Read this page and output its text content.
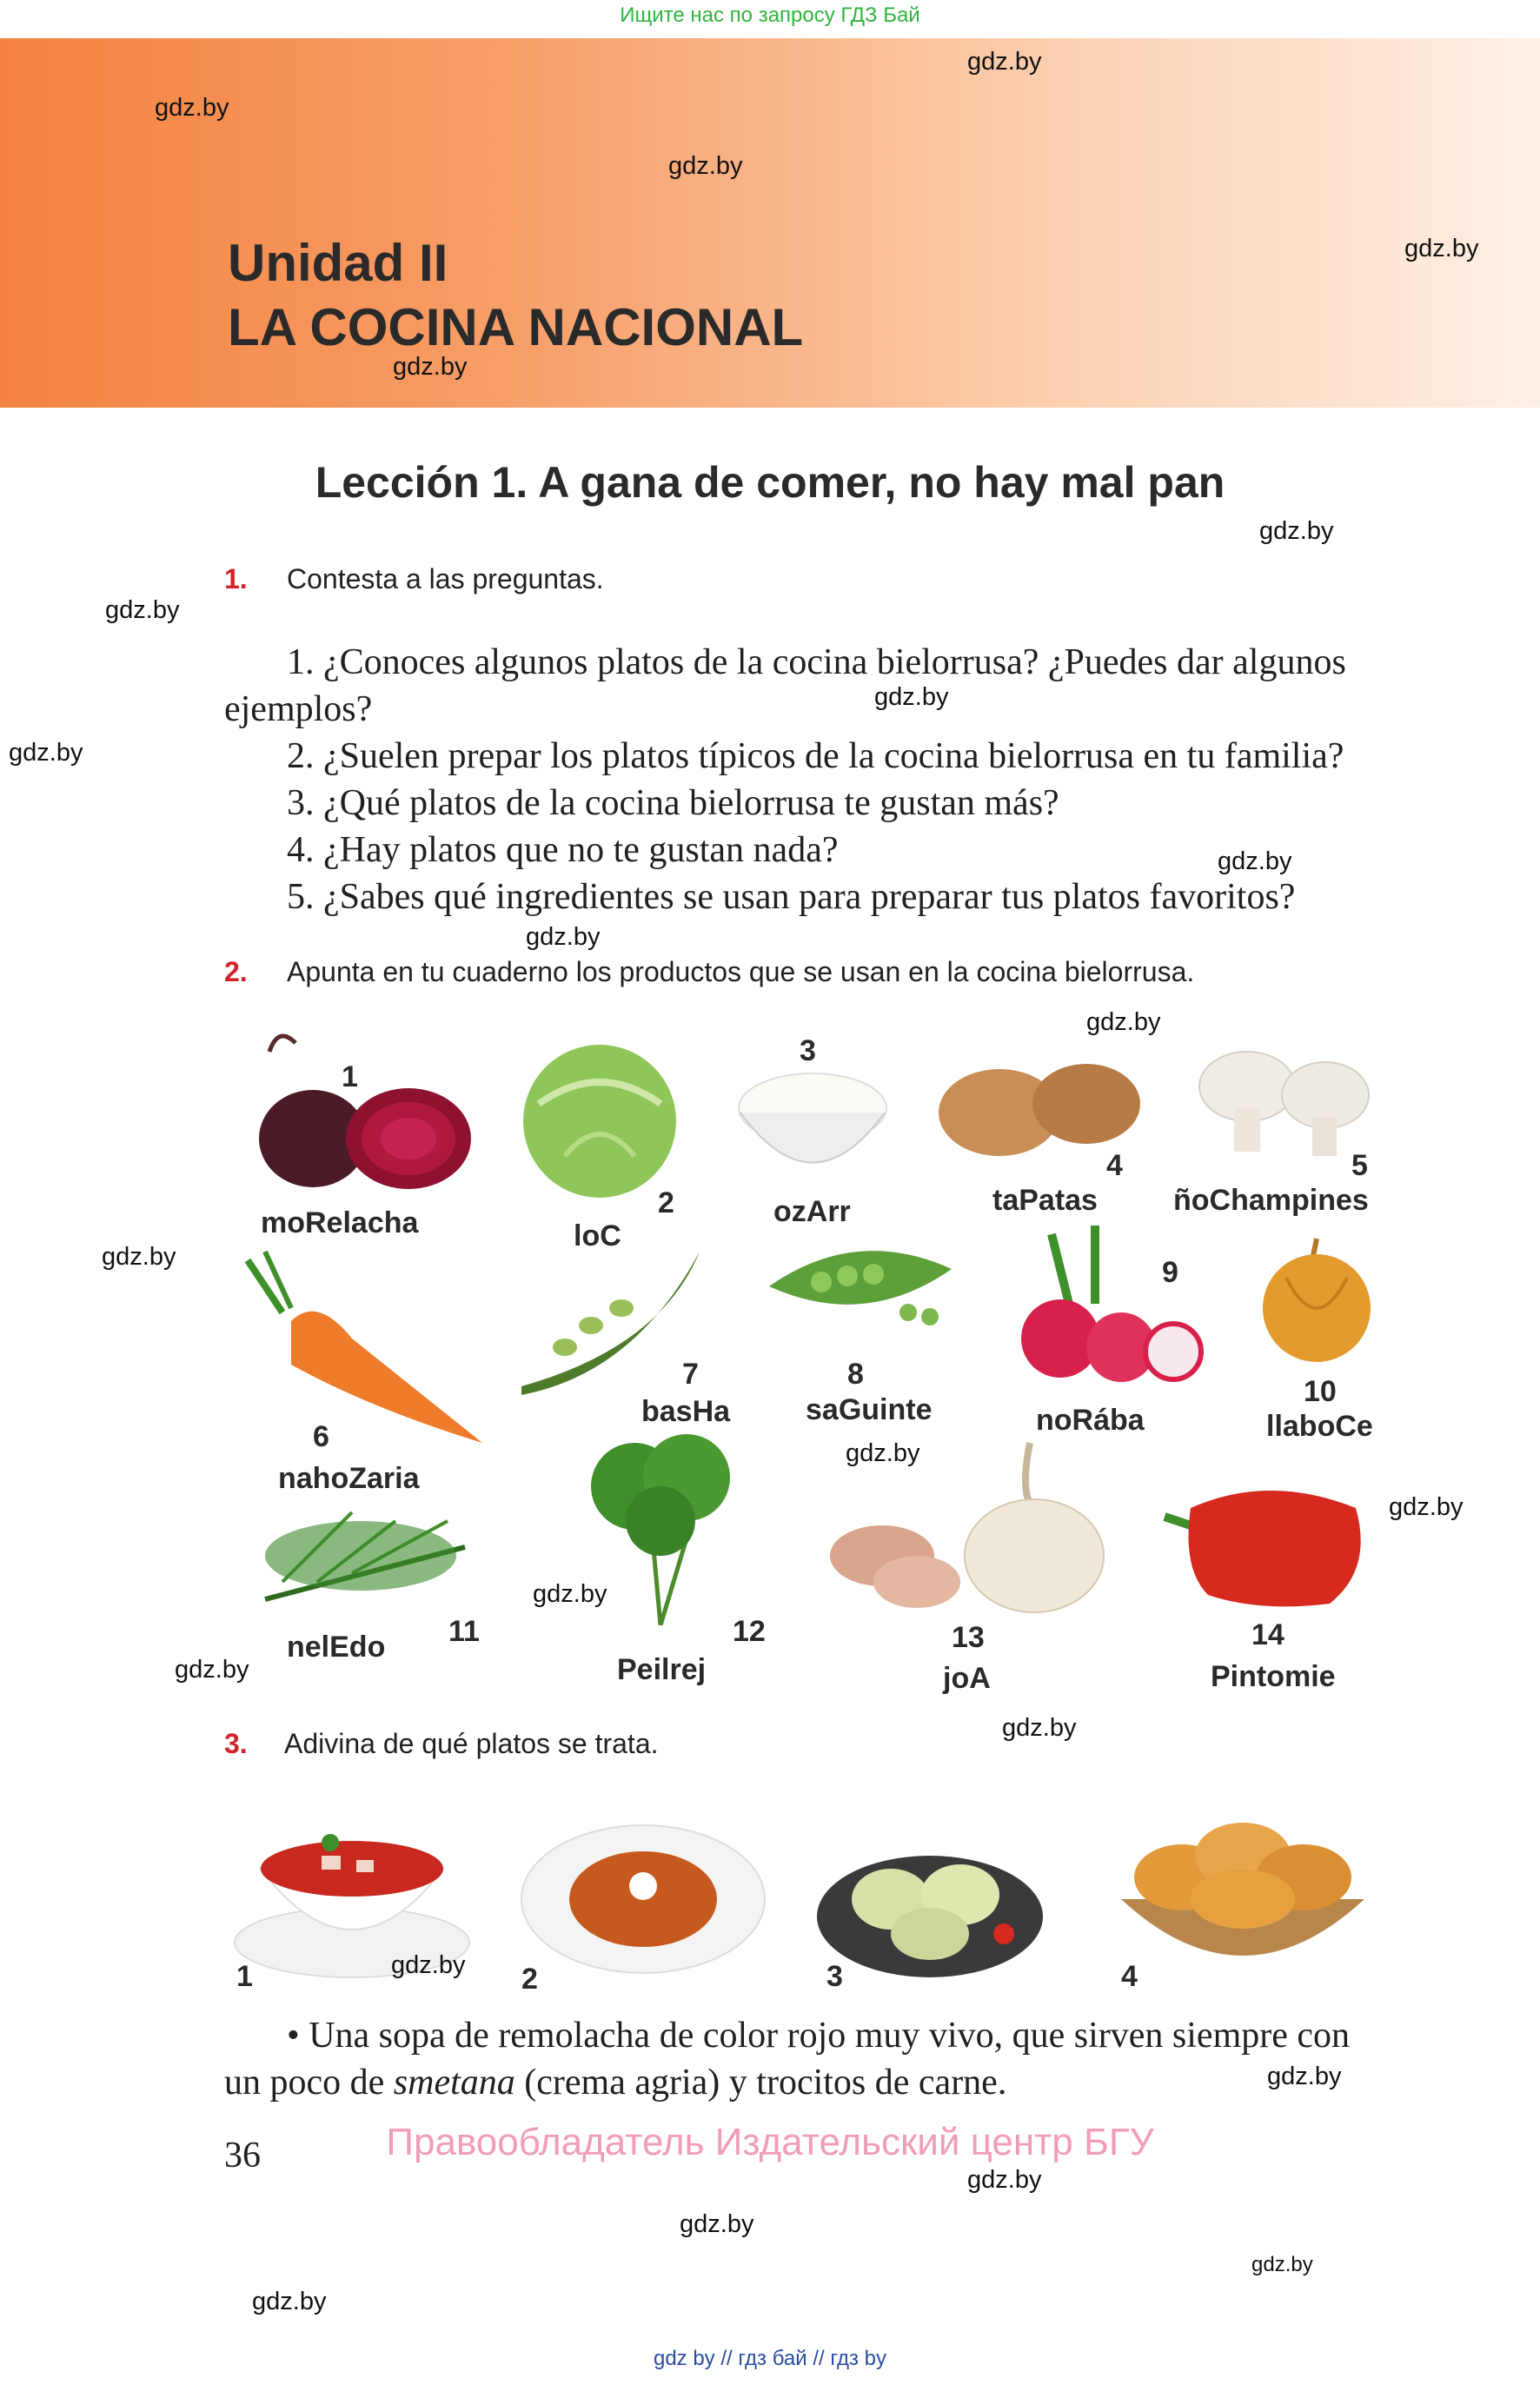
Ищите нас по запросу ГДЗ Бай
Unidad II
LA COCINA NACIONAL
Lección 1. A gana de comer, no hay mal pan
1. Contesta a las preguntas.
1. ¿Conoces algunos platos de la cocina bielorrusa? ¿Puedes dar algunos
ejemplos?
2. ¿Suelen prepar los platos típicos de la cocina bielorrusa en tu familia?
3. ¿Qué platos de la cocina bielorrusa te gustan más?
4. ¿Hay platos que no te gustan nada?
5. ¿Sabes qué ingredientes se usan para preparar tus platos favoritos?
2. Apunta en tu cuaderno los productos que se usan en la cocina bielorrusa.
1
moRelacha
2
loC
3
ozArr
4
taPatas
5
ñoChampines
6
nahoZaria
7
basHa
8
saGuinte
9
noRába
10
llaboCe
11
nelEdo	12
Peilrej
13
joA
14
Pintomie
3. Adivina de qué platos se trata.
1	2	3	4
• Una sopa de remolacha de color rojo muy vivo, que sirven siempre con
un poco de smetana (crema agria) y trocitos de carne.
36	Правообладатель Издательский центр БГУ
gdz.by
gdz.by
gdz.by
gdz.by
gdz.by
gdz.by
gdz.by
gdz.by
gdz.by
gdz.by
gdz.by
gdz.by
gdz.by
gdz.by
gdz.by
gdz.by
gdz.by
gdz.by
gdz.by
gdz.by
gdz.by
gdz.by
gdz.by
gdz.by
gdz by // гдз бай // гдз by
